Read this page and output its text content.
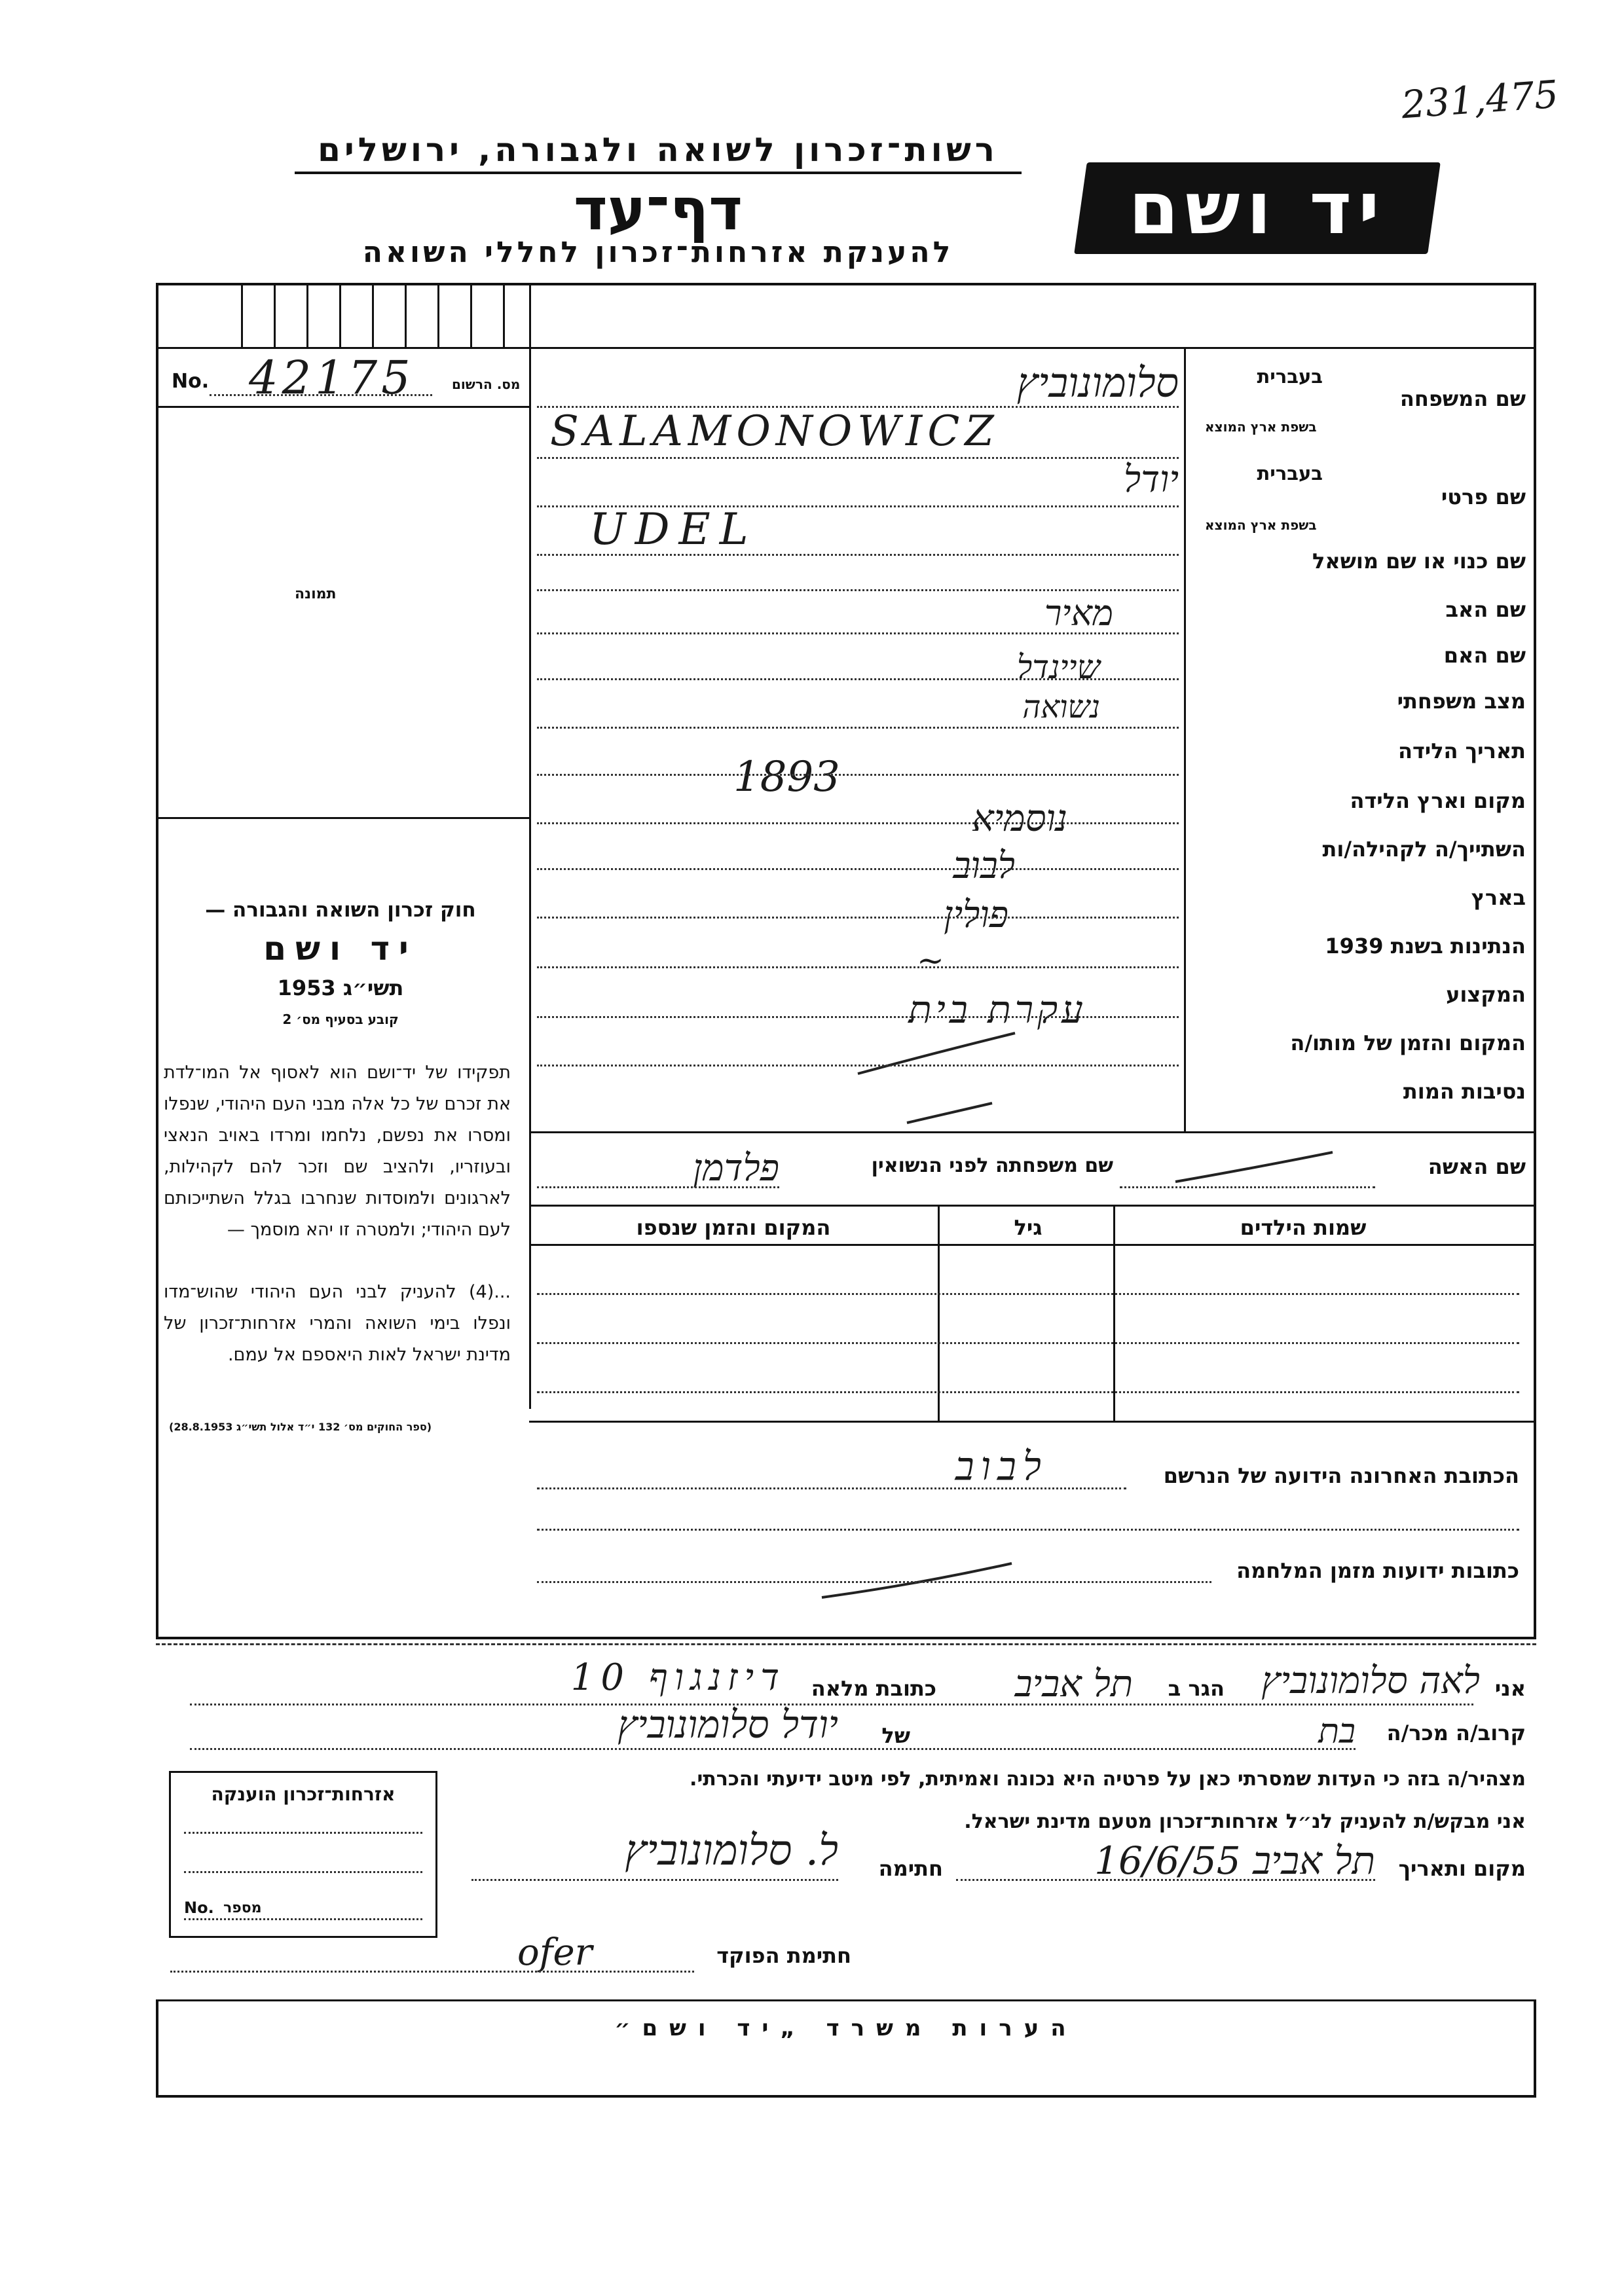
231,475
רשות־זכרון לשואה ולגבורה, ירושלים
דף־עד
להענקת אזרחות־זכרון לחללי השואה
יד ושם
No. 42175	מס. הרשום
תמונה
חוק זכרון השואה והגבורה —
יד ושם
תשי״ג 1953
קובע בסעיף מס׳ 2
תפקידו של יד־ושם הוא לאסוף אל המו־לדת את זכרם של כל אלה מבני העם היהודי, שנפלו ומסרו את נפשם, נלחמו ומרדו באויב הנאצי ובעוזריו, ולהציב שם וזכר להם לקהילות, לארגונים ולמוסדות שנחרבו בגלל השתייכותם לעם היהודי; ולמטרה זו יהא מוסמך —
...(4) להעניק לבני העם היהודי שהוש־מדו ונפלו בימי השואה והמרי אזרחות־זכרון של מדינת ישראל לאות היאספם אל עמם.
(ספר החוקים מס׳ 132 י״ד אלול תשי״ג 28.8.1953)
בעברית
שם המשפחה
בשפת ארץ המוצא
סלומונוביץ
SALAMONOWICZ
בעברית
שם פרטי
בשפת ארץ המוצא
יודל
UDEL
שם כנוי או שם מושאל
שם האב
מאיר
שם האם
שיינדל
מצב משפחתי
נשואה
תאריך הלידה
1893	מקום וארץ הלידה
נוסמיא
השתייך/ה לקהילה/ות
לבוב
בארץ
פולין
הנתינות בשנת 1939
~
המקצוע
עקרת בית
המקום והזמן של מותו/ה
נסיבות המות
שם האשה
שם משפחתה לפני הנשואין
פלדמן
שמות הילדים
גיל
המקום והזמן שנספו
הכתובת האחרונה הידועה של הנרשם
לבוב
כתובות ידועות מזמן המלחמה
אני
לאה סלומונוביץ
הגר ב
תל אביב
כתובת מלאה
דיזנגוף 10
קרוב/ה מכר/ה
בת
של
יודל סלומונוביץ
מצהיר/ה בזה כי העדות שמסרתי כאן על פרטיה היא נכונה ואמיתית, לפי מיטב ידיעתי והכרתי.
אני מבקש/ת להעניק לנ״ל אזרחות־זכרון מטעם מדינת ישראל.
מקום ותאריך
תל אביב 16/6/55
חתימה
ל. סלומונוביץ
חתימת הפוקד
ofer
אזרחות־זכרון הוענקה
No. מספר
הערות משרד „יד ושם״
